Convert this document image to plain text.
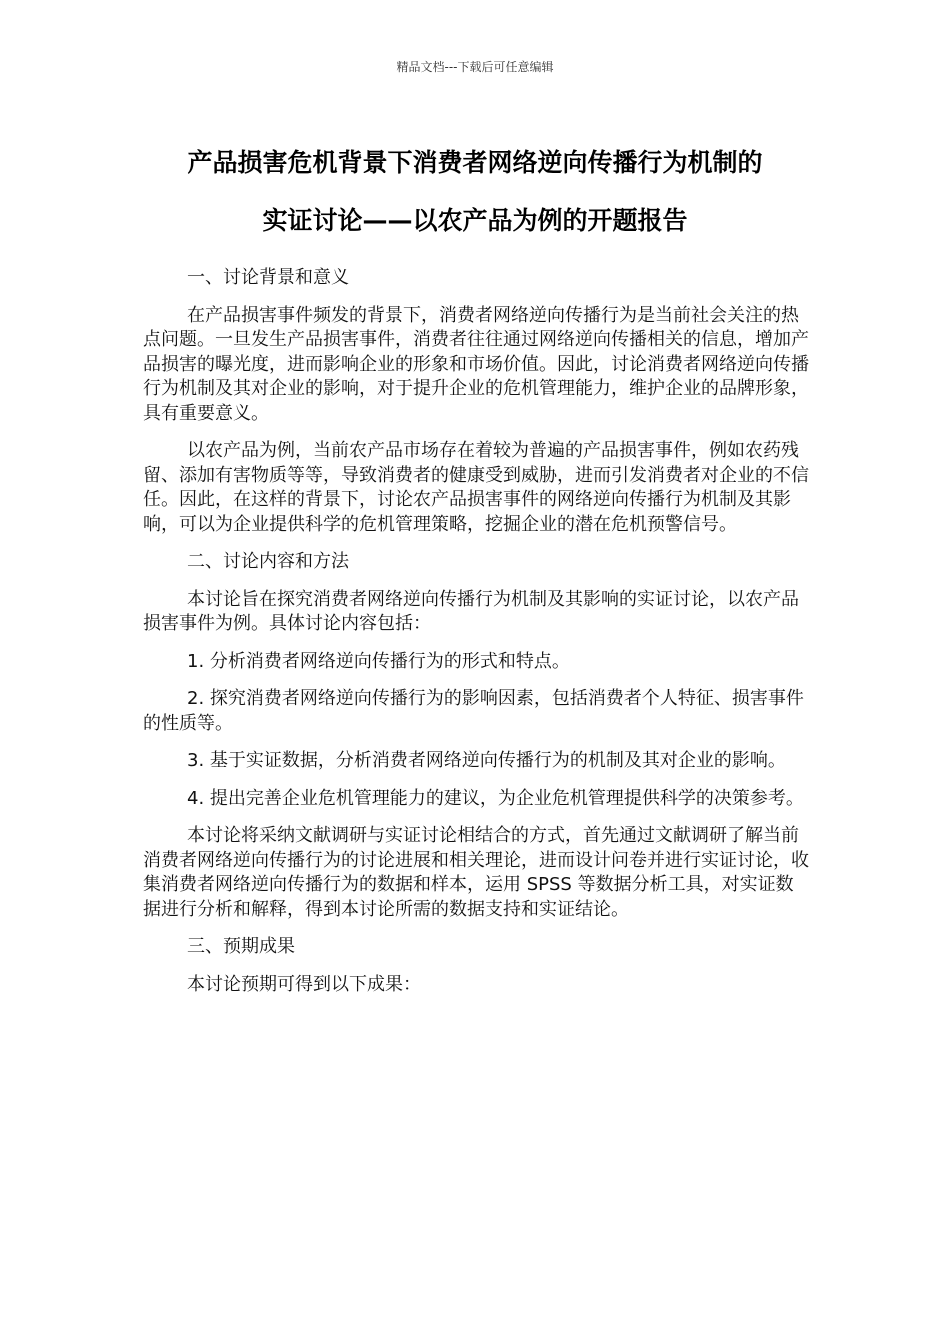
精品文档---下载后可任意编辑
产品损害危机背景下消费者网络逆向传播行为机制的
实证讨论——以农产品为例的开题报告

一、讨论背景和意义

在产品损害事件频发的背景下，消费者网络逆向传播行为是当前社会关注的热点问题。一旦发生产品损害事件，消费者往往通过网络逆向传播相关的信息，增加产品损害的曝光度，进而影响企业的形象和市场价值。因此，讨论消费者网络逆向传播行为机制及其对企业的影响，对于提升企业的危机管理能力，维护企业的品牌形象，具有重要意义。

以农产品为例，当前农产品市场存在着较为普遍的产品损害事件，例如农药残留、添加有害物质等等，导致消费者的健康受到威胁，进而引发消费者对企业的不信任。因此，在这样的背景下，讨论农产品损害事件的网络逆向传播行为机制及其影响，可以为企业提供科学的危机管理策略，挖掘企业的潜在危机预警信号。

二、讨论内容和方法

本讨论旨在探究消费者网络逆向传播行为机制及其影响的实证讨论，以农产品损害事件为例。具体讨论内容包括：

1. 分析消费者网络逆向传播行为的形式和特点。

2. 探究消费者网络逆向传播行为的影响因素，包括消费者个人特征、损害事件的性质等。

3. 基于实证数据，分析消费者网络逆向传播行为的机制及其对企业的影响。

4. 提出完善企业危机管理能力的建议，为企业危机管理提供科学的决策参考。

本讨论将采纳文献调研与实证讨论相结合的方式，首先通过文献调研了解当前消费者网络逆向传播行为的讨论进展和相关理论，进而设计问卷并进行实证讨论，收集消费者网络逆向传播行为的数据和样本，运用 SPSS 等数据分析工具，对实证数据进行分析和解释，得到本讨论所需的数据支持和实证结论。

三、预期成果

本讨论预期可得到以下成果：
